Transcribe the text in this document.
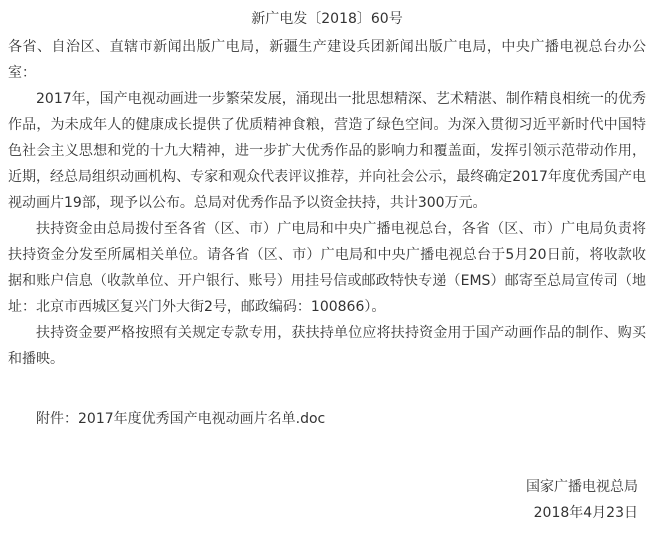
新广电发〔2018〕60号

各省、自治区、直辖市新闻出版广电局，新疆生产建设兵团新闻出版广电局，中央广播电视总台办公室：

2017年，国产电视动画进一步繁荣发展，涌现出一批思想精深、艺术精湛、制作精良相统一的优秀作品，为未成年人的健康成长提供了优质精神食粮，营造了绿色空间。为深入贯彻习近平新时代中国特色社会主义思想和党的十九大精神，进一步扩大优秀作品的影响力和覆盖面，发挥引领示范带动作用，近期，经总局组织动画机构、专家和观众代表评议推荐，并向社会公示，最终确定2017年度优秀国产电视动画片19部，现予以公布。总局对优秀作品予以资金扶持，共计300万元。

扶持资金由总局拨付至各省（区、市）广电局和中央广播电视总台，各省（区、市）广电局负责将扶持资金分发至所属相关单位。请各省（区、市）广电局和中央广播电视总台于5月20日前，将收款收据和账户信息（收款单位、开户银行、账号）用挂号信或邮政特快专递（EMS）邮寄至总局宣传司（地址：北京市西城区复兴门外大街2号，邮政编码：100866）。

扶持资金要严格按照有关规定专款专用，获扶持单位应将扶持资金用于国产动画作品的制作、购买和播映。

附件：2017年度优秀国产电视动画片名单.doc
国家广播电视总局
2018年4月23日
